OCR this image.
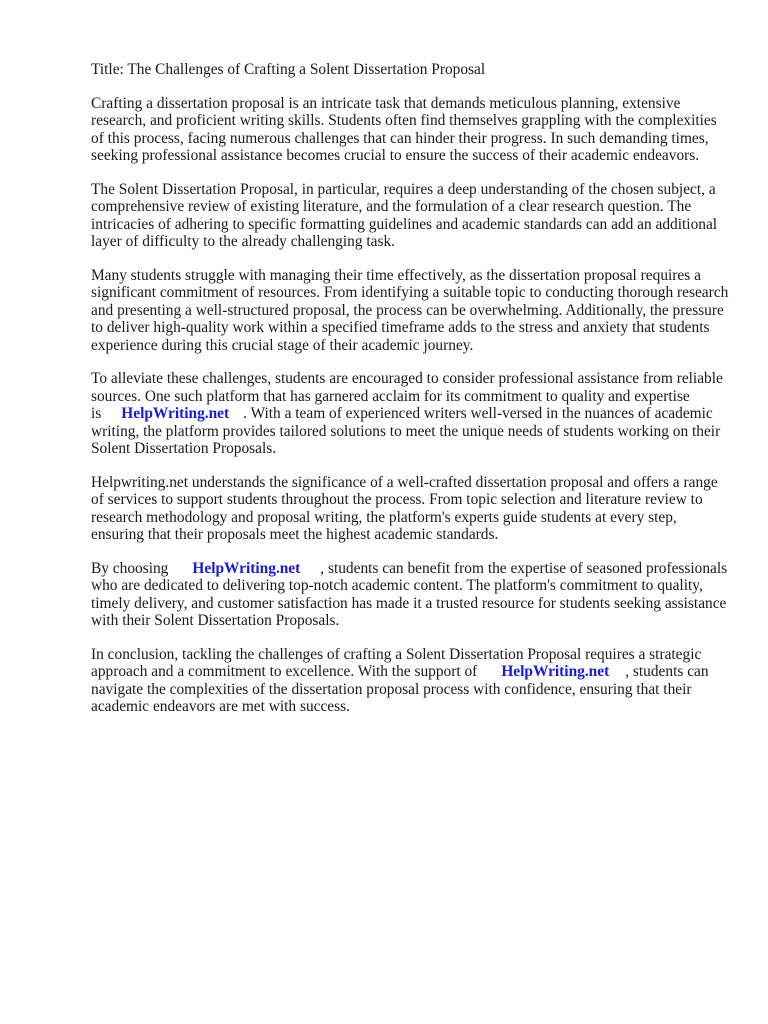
Title: The Challenges of Crafting a Solent Dissertation Proposal

Crafting a dissertation proposal is an intricate task that demands meticulous planning, extensive research, and proficient writing skills. Students often find themselves grappling with the complexities of this process, facing numerous challenges that can hinder their progress. In such demanding times, seeking professional assistance becomes crucial to ensure the success of their academic endeavors.

The Solent Dissertation Proposal, in particular, requires a deep understanding of the chosen subject, a comprehensive review of existing literature, and the formulation of a clear research question. The intricacies of adhering to specific formatting guidelines and academic standards can add an additional layer of difficulty to the already challenging task.

Many students struggle with managing their time effectively, as the dissertation proposal requires a significant commitment of resources. From identifying a suitable topic to conducting thorough research and presenting a well-structured proposal, the process can be overwhelming. Additionally, the pressure to deliver high-quality work within a specified timeframe adds to the stress and anxiety that students experience during this crucial stage of their academic journey.

To alleviate these challenges, students are encouraged to consider professional assistance from reliable sources. One such platform that has garnered acclaim for its commitment to quality and expertise is HelpWriting.net . With a team of experienced writers well-versed in the nuances of academic writing, the platform provides tailored solutions to meet the unique needs of students working on their Solent Dissertation Proposals.

Helpwriting.net understands the significance of a well-crafted dissertation proposal and offers a range of services to support students throughout the process. From topic selection and literature review to research methodology and proposal writing, the platform's experts guide students at every step, ensuring that their proposals meet the highest academic standards.

By choosing HelpWriting.net , students can benefit from the expertise of seasoned professionals who are dedicated to delivering top-notch academic content. The platform's commitment to quality, timely delivery, and customer satisfaction has made it a trusted resource for students seeking assistance with their Solent Dissertation Proposals.

In conclusion, tackling the challenges of crafting a Solent Dissertation Proposal requires a strategic approach and a commitment to excellence. With the support of HelpWriting.net , students can navigate the complexities of the dissertation proposal process with confidence, ensuring that their academic endeavors are met with success.
